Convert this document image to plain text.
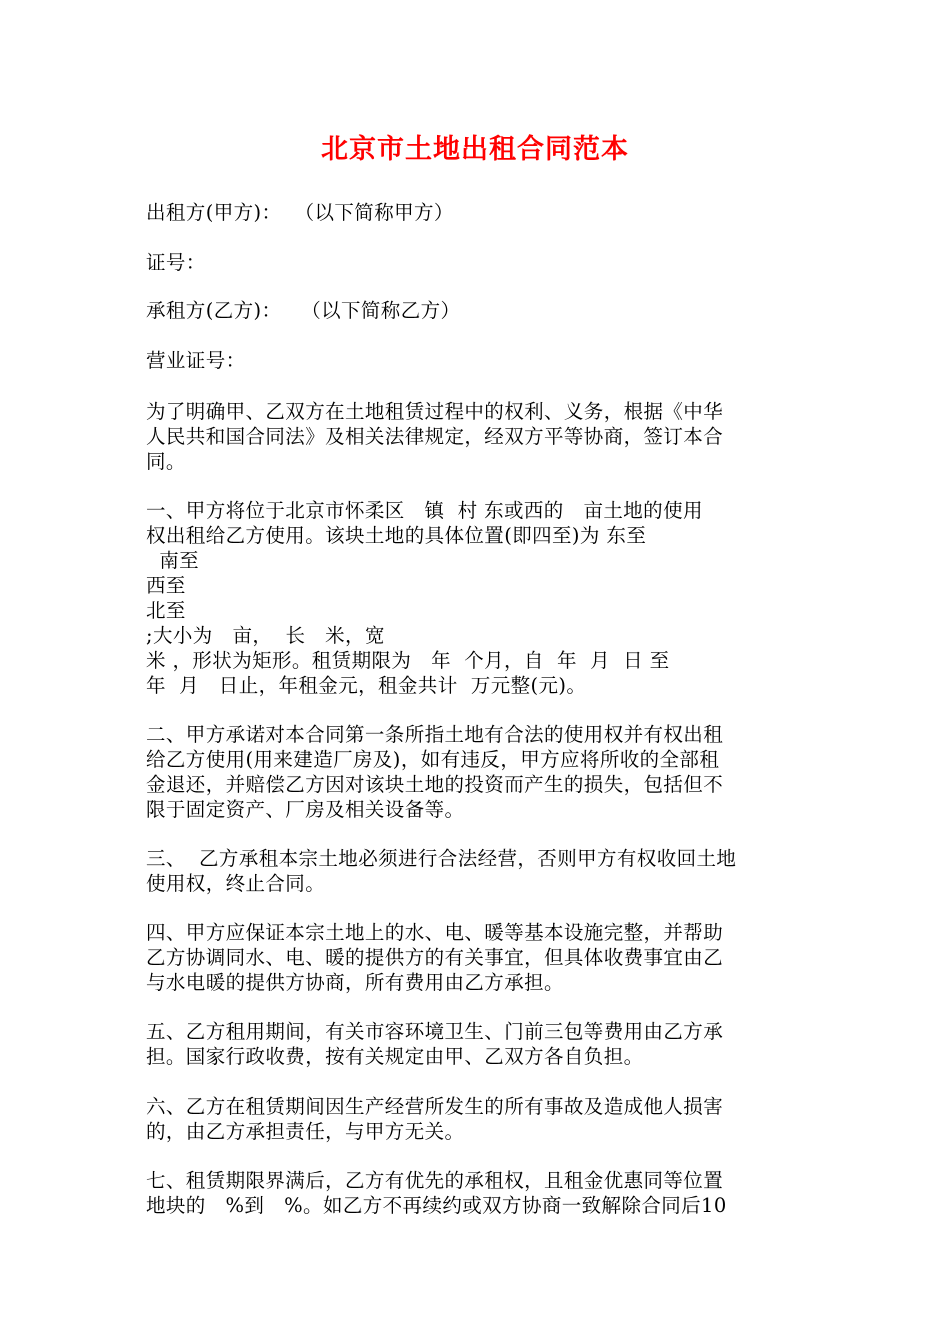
北京市土地出租合同范本
出租方(甲方)：  （以下简称甲方）
证号：
承租方(乙方)：   （以下简称乙方）
营业证号：
为了明确甲、乙双方在土地租赁过程中的权利、义务，根据《中华
人民共和国合同法》及相关法律规定，经双方平等协商，签订本合
同。
一、甲方将位于北京市怀柔区   镇  村 东或西的   亩土地的使用
权出租给乙方使用。该块土地的具体位置(即四至)为 东至
南至
西至
北至
;大小为   亩，  长   米，宽
米 ，形状为矩形。租赁期限为   年  个月，自  年  月  日 至
年  月   日止，年租金元，租金共计  万元整(元)。
二、甲方承诺对本合同第一条所指土地有合法的使用权并有权出租
给乙方使用(用来建造厂房及)，如有违反，甲方应将所收的全部租
金退还，并赔偿乙方因对该块土地的投资而产生的损失，包括但不
限于固定资产、厂房及相关设备等。
三、  乙方承租本宗土地必须进行合法经营，否则甲方有权收回土地
使用权，终止合同。
四、甲方应保证本宗土地上的水、电、暖等基本设施完整，并帮助
乙方协调同水、电、暖的提供方的有关事宜，但具体收费事宜由乙
与水电暖的提供方协商，所有费用由乙方承担。
五、乙方租用期间，有关市容环境卫生、门前三包等费用由乙方承
担。国家行政收费，按有关规定由甲、乙双方各自负担。
六、乙方在租赁期间因生产经营所发生的所有事故及造成他人损害
的，由乙方承担责任，与甲方无关。
七、租赁期限界满后，乙方有优先的承租权，且租金优惠同等位置
地块的   %到   %。如乙方不再续约或双方协商一致解除合同后10
